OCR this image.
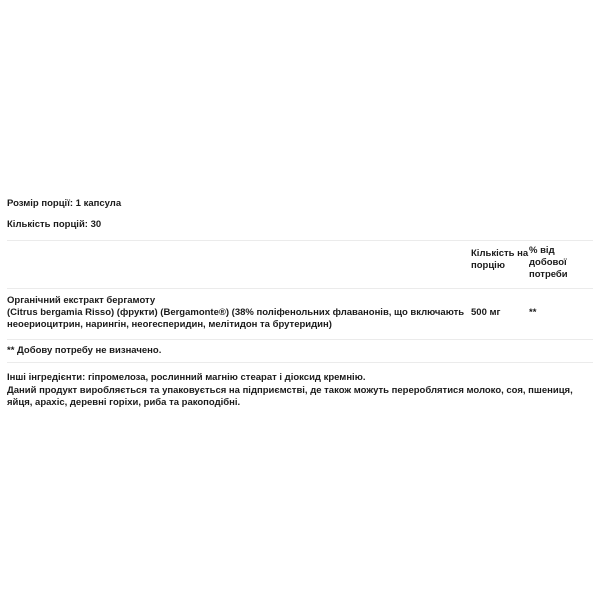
Розмір порції: 1 капсула

Кількість порцій: 30

	Кількість на порцію	% від добової потреби

Органічний екстракт бергамоту
(Citrus bergamia Risso) (фрукти) (Bergamonte®) (38% поліфенольних флаванонів, що включають
неоериоцитрин, нарингін, неогесперидин, мелітидон та брутеридин)	500 мг	**
** Добову потребу не визначено.		

Інші інгредієнти: гіпромелоза, рослинний магнію стеарат і діоксид кремнію.

Даний продукт виробляється та упаковується на підприємстві, де також можуть перероблятися молоко, соя, пшениця,

яйця, арахіс, деревні горіхи, риба та ракоподібні.
